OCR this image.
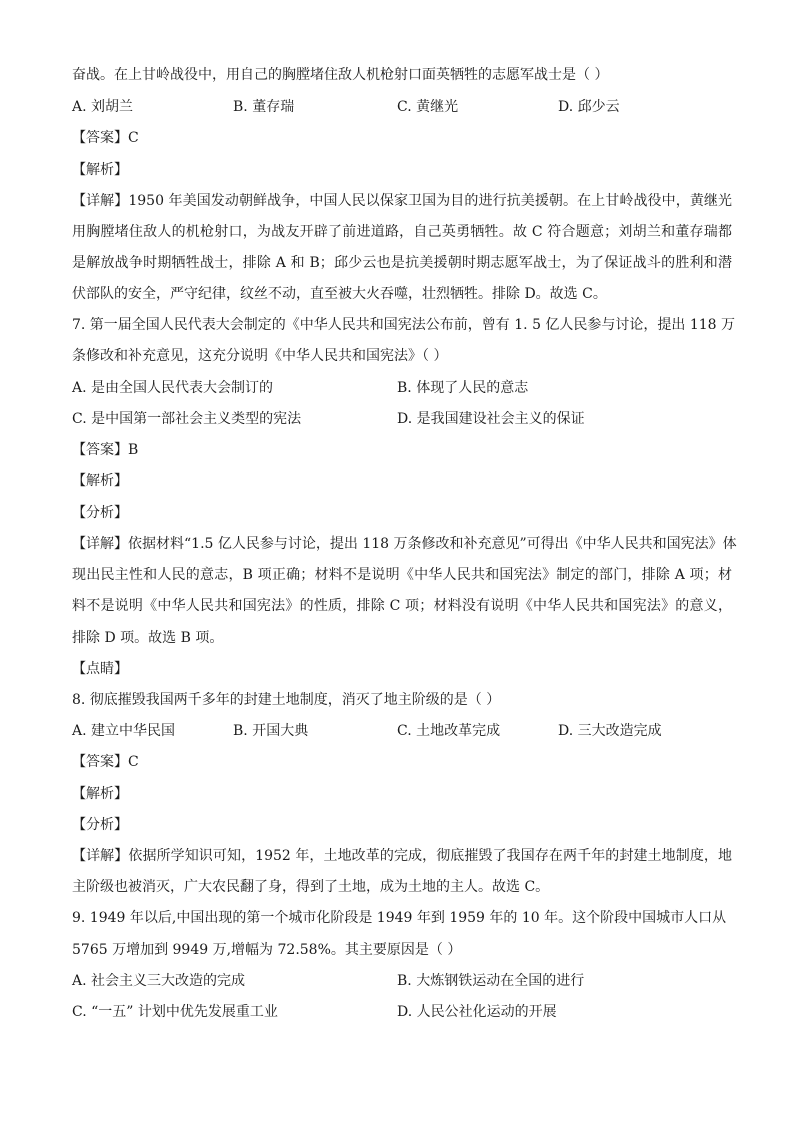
奋战。在上甘岭战役中，用自己的胸膛堵住敌人机枪射口面英牺牲的志愿军战士是（ ）
A. 刘胡兰	B. 董存瑞	C. 黄继光	D. 邱少云
【答案】C
【解析】
【详解】1950 年美国发动朝鲜战争，中国人民以保家卫国为目的进行抗美援朝。在上甘岭战役中，黄继光
用胸膛堵住敌人的机枪射口，为战友开辟了前进道路，自己英勇牺牲。故 C 符合题意；刘胡兰和董存瑞都
是解放战争时期牺牲战士，排除 A 和 B；邱少云也是抗美援朝时期志愿军战士，为了保证战斗的胜利和潜
伏部队的安全，严守纪律，纹丝不动，直至被大火吞噬，壮烈牺牲。排除 D。故选 C。
7. 第一届全国人民代表大会制定的《中华人民共和国宪法公布前，曾有 1. 5 亿人民参与讨论，提出 118 万
条修改和补充意见，这充分说明《中华人民共和国宪法》（ ）
A. 是由全国人民代表大会制订的	B. 体现了人民的意志
C. 是中国第一部社会主义类型的宪法	D. 是我国建设社会主义的保证
【答案】B
【解析】
【分析】
【详解】依据材料“1.5 亿人民参与讨论，提出 118 万条修改和补充意见”可得出《中华人民共和国宪法》体
现出民主性和人民的意志，B 项正确；材料不是说明《中华人民共和国宪法》制定的部门，排除 A 项；材
料不是说明《中华人民共和国宪法》的性质，排除 C 项；材料没有说明《中华人民共和国宪法》的意义，
排除 D 项。故选 B 项。
【点睛】
8. 彻底摧毁我国两千多年的封建土地制度，消灭了地主阶级的是（ ）
A. 建立中华民国	B. 开国大典	C. 土地改革完成	D. 三大改造完成
【答案】C
【解析】
【分析】
【详解】依据所学知识可知，1952 年，土地改革的完成，彻底摧毁了我国存在两千年的封建土地制度，地
主阶级也被消灭，广大农民翻了身，得到了土地，成为土地的主人。故选 C。
9. 1949 年以后,中国出现的第一个城市化阶段是 1949 年到 1959 年的 10 年。这个阶段中国城市人口从
5765 万增加到 9949 万,增幅为 72.58%。其主要原因是（ ）
A. 社会主义三大改造的完成	B. 大炼钢铁运动在全国的进行
C. “一五” 计划中优先发展重工业	D. 人民公社化运动的开展
